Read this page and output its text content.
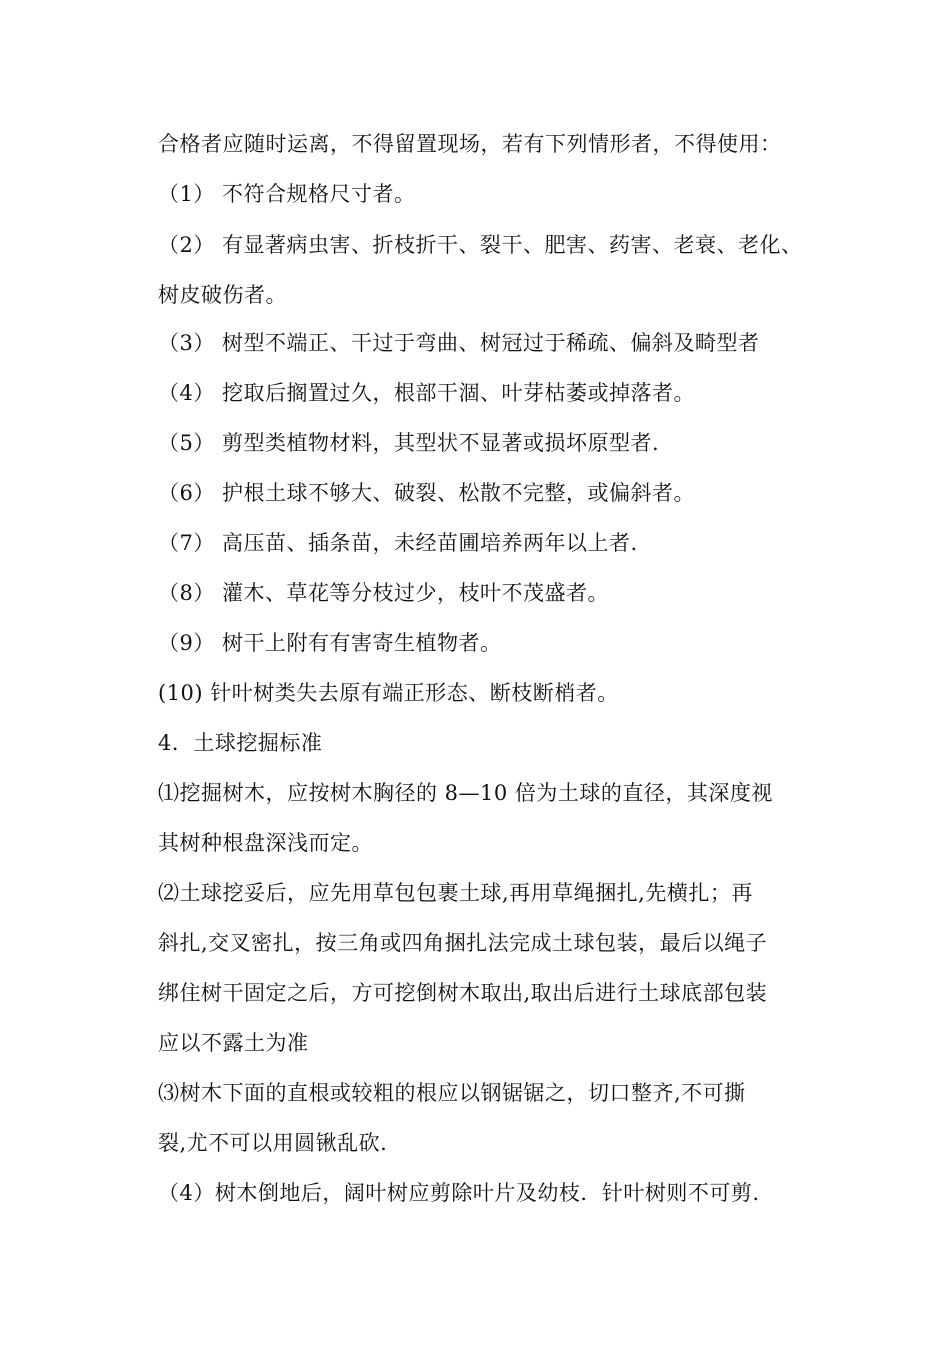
合格者应随时运离，不得留置现场，若有下列情形者，不得使用：
（1） 不符合规格尺寸者。
（2） 有显著病虫害、折枝折干、裂干、肥害、药害、老衰、老化、
树皮破伤者。
（3） 树型不端正、干过于弯曲、树冠过于稀疏、偏斜及畸型者
（4） 挖取后搁置过久，根部干涸、叶芽枯萎或掉落者。
（5） 剪型类植物材料，其型状不显著或损坏原型者.
（6） 护根土球不够大、破裂、松散不完整，或偏斜者。
（7） 高压苗、插条苗，未经苗圃培养两年以上者.
（8） 灌木、草花等分枝过少，枝叶不茂盛者。
（9） 树干上附有有害寄生植物者。
(10) 针叶树类失去原有端正形态、断枝断梢者。
4．土球挖掘标准
⑴挖掘树木，应按树木胸径的 8—10 倍为土球的直径，其深度视
其树种根盘深浅而定。
⑵土球挖妥后，应先用草包包裹土球,再用草绳捆扎,先横扎；再
斜扎,交叉密扎，按三角或四角捆扎法完成土球包装，最后以绳子
绑住树干固定之后，方可挖倒树木取出,取出后进行土球底部包装
应以不露土为准
⑶树木下面的直根或较粗的根应以钢锯锯之，切口整齐,不可撕
裂,尤不可以用圆锹乱砍.
（4）树木倒地后，阔叶树应剪除叶片及幼枝．针叶树则不可剪.
